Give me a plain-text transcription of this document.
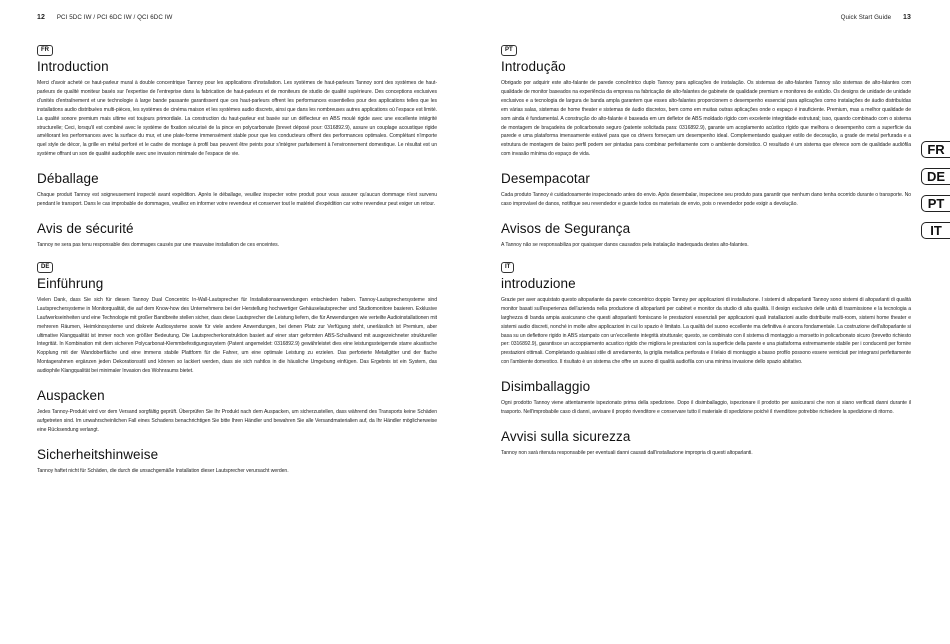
12 PCI 5DC IW / PCI 6DC IW / QCI 6DC IW	Quick Start Guide 13
FR
Introduction

Merci d'avoir acheté ce haut-parleur mural à double concentrique Tannoy pour les applications d'installation. Les systèmes de haut-parleurs Tannoy sont des systèmes de haut-parleurs de qualité moniteur basés sur l'expertise de l'entreprise dans la fabrication de haut-parleurs et de moniteurs de studio de qualité supérieure. Des conceptions exclusives d'unités d'entraînement et une technologie à large bande passante garantissent que ces haut-parleurs offrent les performances essentielles pour des applications telles que les installations audio distribuées multi-pièces, les systèmes de cinéma maison et les systèmes audio discrets, ainsi que dans les nombreuses autres applications où l'espace est limité. La qualité sonore premium mais ultime est toujours primordiale. La construction du haut-parleur est basée sur un déflecteur en ABS moulé rigide avec une excellente intégrité structurelle; Ceci, lorsqu'il est combiné avec le système de fixation sécurisé de la pince en polycarbonate (brevet déposé pour: 0316892.9), assure un couplage acoustique rigide améliorant les performances avec la surface du mur, et une plate-forme immensément stable pour que les conducteurs offrent des performances optimales. Complétant n'importe quel style de décor, la grille en métal perforé et le cadre de montage à profil bas peuvent être peints pour s'intégrer parfaitement à l'environnement domestique. Le résultat est un système offrant un son de qualité audiophile avec une invasion minimale de l'espace de vie.

Déballage

Chaque produit Tannoy est soigneusement inspecté avant expédition. Après le déballage, veuillez inspecter votre produit pour vous assurer qu'aucun dommage n'est survenu pendant le transport. Dans le cas improbable de dommages, veuillez en informer votre revendeur et conserver tout le matériel d'expédition car votre revendeur peut exiger un retour.

Avis de sécurité

Tannoy ne sera pas tenu responsable des dommages causés par une mauvaise installation de ces enceintes.

DE
Einführung

Vielen Dank, dass Sie sich für diesen Tannoy Dual Concentric In-Wall-Lautsprecher für Installationsanwendungen entschieden haben. Tannoy-Lautsprechersysteme sind Lautsprechersysteme in Monitorqualität, die auf dem Know-how des Unternehmens bei der Herstellung hochwertiger Gehäuselautsprecher und Studiomonitore basieren. Exklusive Laufwerkseinheiten und eine Technologie mit großer Bandbreite stellen sicher, dass diese Lautsprecher die Leistung liefern, die für Anwendungen wie verteilte Audioinstallationen mit mehreren Räumen, Heimkinosysteme und diskrete Audiosysteme sowie für viele andere Anwendungen, bei denen Platz zur Verfügung steht, unerlässlich ist Premium, aber ultimative Klangqualität ist immer noch von größter Bedeutung. Die Lautsprecherkonstruktion basiert auf einer starr geformten ABS-Schallwand mit ausgezeichneter struktureller Integrität. In Kombination mit dem sicheren Polycarbonat-Klemmbefestigungssystem (Patent angemeldet: 0316892.9) gewährleistet dies eine leistungssteigernde starre akustische Kopplung mit der Wandoberfläche und eine immens stabile Plattform für die Fahrer, um eine optimale Leistung zu erzielen. Das perforierte Metallgitter und der flache Montagerahmen ergänzen jeden Dekorationsstil und können so lackiert werden, dass sie sich nahtlos in die häusliche Umgebung einfügen. Das Ergebnis ist ein System, das audiophile Klangqualität bei minimaler Invasion des Wohnraums bietet.

Auspacken

Jedes Tannoy-Produkt wird vor dem Versand sorgfältig geprüft. Überprüfen Sie Ihr Produkt nach dem Auspacken, um sicherzustellen, dass während des Transports keine Schäden aufgetreten sind. Im unwahrscheinlichen Fall eines Schadens benachrichtigen Sie bitte Ihren Händler und bewahren Sie alle Versandmaterialien auf, da Ihr Händler möglicherweise eine Rücksendung verlangt.

Sicherheitshinweise

Tannoy haftet nicht für Schäden, die durch die unsachgemäße Installation dieser Lautsprecher verursacht werden.

PT
Introdução

Obrigado por adquirir este alto-falante de parede concêntrico duplo Tannoy para aplicações de instalação. Os sistemas de alto-falantes Tannoy são sistemas de alto-falantes com qualidade de monitor baseados na experiência da empresa na fabricação de alto-falantes de gabinete de qualidade premium e monitores de estúdio. Os designs de unidade de unidade exclusivos e a tecnologia de largura de banda ampla garantem que esses alto-falantes proporcionem o desempenho essencial para aplicações como instalações de áudio distribuídas em várias salas, sistemas de home theater e sistemas de áudio discretos, bem como em muitas outras aplicações onde o espaço é insuficiente. Premium, mas a melhor qualidade de som ainda é fundamental. A construção do alto-falante é baseada em um defletor de ABS moldado rígido com excelente integridade estrutural; isso, quando combinado com o sistema de montagem de braçadeira de policarbonato seguro (patente solicitada para: 0316892.9), garante um acoplamento acústico rígido que melhora o desempenho com a superfície da parede e uma plataforma imensamente estável para que os drivers forneçam um desempenho ideal. Complementando qualquer estilo de decoração, a grade de metal perfurada e a estrutura de montagem de baixo perfil podem ser pintadas para combinar perfeitamente com o ambiente doméstico. O resultado é um sistema que oferece som de qualidade audiófila com invasão mínima do espaço de vida.

Desempacotar

Cada produto Tannoy é cuidadosamente inspecionado antes do envio. Após desembalar, inspecione seu produto para garantir que nenhum dano tenha ocorrido durante o transporte. No caso improvável de danos, notifique seu revendedor e guarde todos os materiais de envio, pois o revendedor pode exigir a devolução.

Avisos de Segurança

A Tannoy não se responsabiliza por quaisquer danos causados pela instalação inadequada destes alto-falantes.

IT
introduzione

Grazie per aver acquistato questo altoparlante da parete concentrico doppio Tannoy per applicazioni di installazione. I sistemi di altoparlanti Tannoy sono sistemi di altoparlanti di qualità monitor basati sull'esperienza dell'azienda nella produzione di altoparlanti per cabinet e monitor da studio di alta qualità. Il design esclusivo delle unità di trasmissione e la tecnologia a larghezza di banda ampia assicurano che questi altoparlanti forniscano le prestazioni essenziali per applicazioni quali installazioni audio distribuite multi-room, sistemi home theater e sistemi audio discreti, nonché in molte altre applicazioni in cui lo spazio è limitato. La qualità del suono eccellente ma definitiva è ancora fondamentale. La costruzione dell'altoparlante si basa su un deflettore rigido in ABS stampato con un'eccellente integrità strutturale; questo, se combinato con il sistema di montaggio a morsetto in policarbonato sicuro (brevetto richiesto per: 0316892.9), garantisce un accoppiamento acustico rigido che migliora le prestazioni con la superficie della parete e una piattaforma estremamente stabile per i conducenti per fornire prestazioni ottimali. Completando qualsiasi stile di arredamento, la griglia metallica perforata e il telaio di montaggio a basso profilo possono essere verniciati per integrarsi perfettamente con l'ambiente domestico. Il risultato è un sistema che offre un suono di qualità audiofila con una minima invasione dello spazio abitativo.

Disimballaggio

Ogni prodotto Tannoy viene attentamente ispezionato prima della spedizione. Dopo il disimballaggio, ispezionare il prodotto per assicurarsi che non si siano verificati danni durante il trasporto. Nell'improbabile caso di danni, avvisare il proprio rivenditore e conservare tutto il materiale di spedizione poiché il rivenditore potrebbe richiedere la spedizione di ritorno.

Avvisi sulla sicurezza

Tannoy non sarà ritenuta responsabile per eventuali danni causati dall'installazione impropria di questi altoparlanti.

FR
DE
PT
IT
